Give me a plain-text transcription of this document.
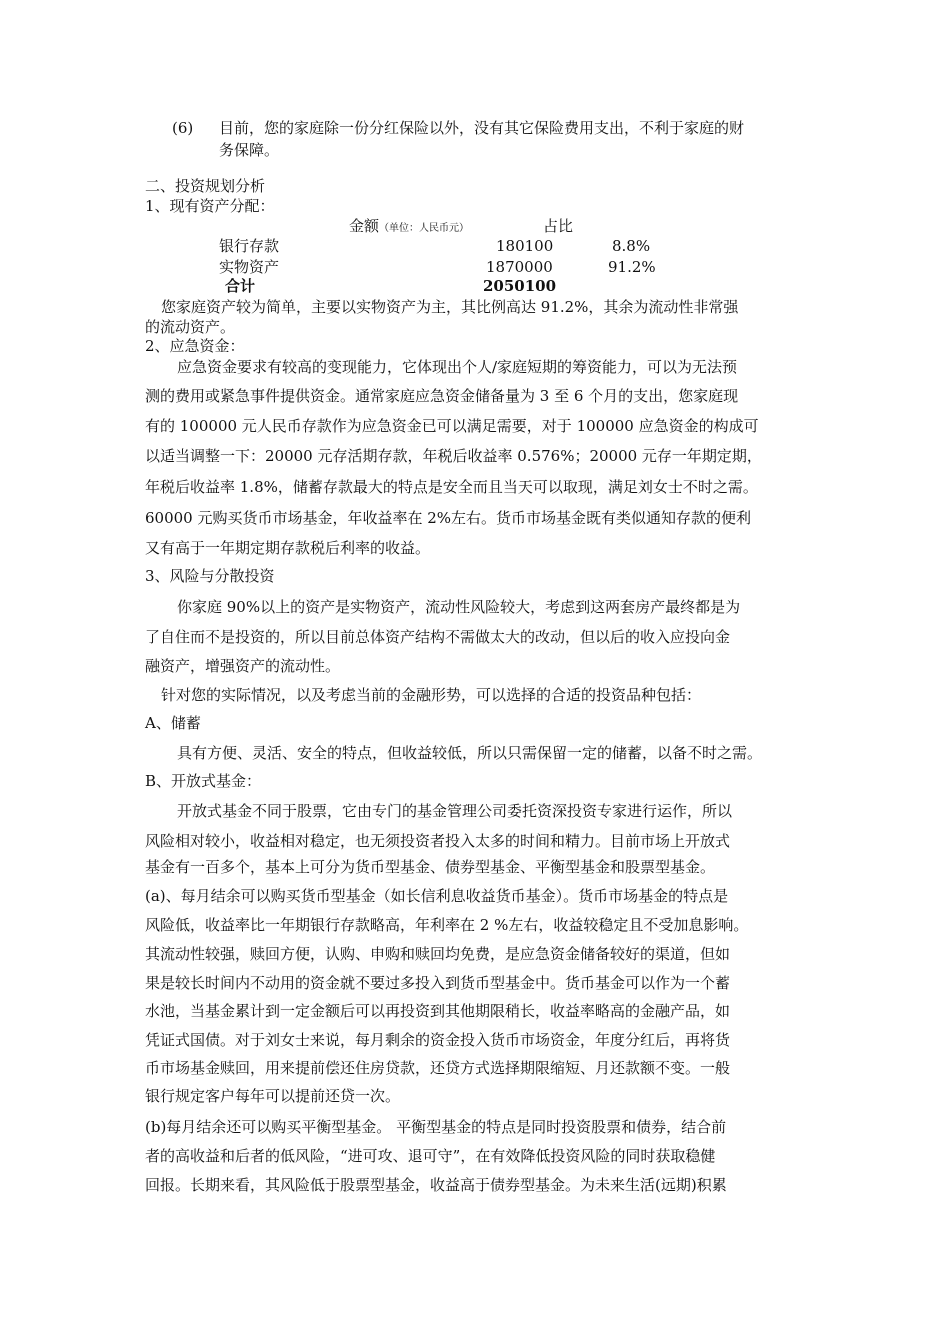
(6) 目前，您的家庭除一份分红保险以外，没有其它保险费用支出，不利于家庭的财
务保障。
二、投资规划分析
1、现有资产分配：
金额（单位：人民币元）	占比
银行存款	180100	8.8%
实物资产	1870000	91.2%
合计	2050100
您家庭资产较为简单，主要以实物资产为主，其比例高达 91.2%，其余为流动性非常强
的流动资产。
2、应急资金：
应急资金要求有较高的变现能力，它体现出个人/家庭短期的筹资能力，可以为无法预
测的费用或紧急事件提供资金。通常家庭应急资金储备量为 3 至 6 个月的支出，您家庭现
有的 100000 元人民币存款作为应急资金已可以满足需要，对于 100000 应急资金的构成可
以适当调整一下：20000 元存活期存款，年税后收益率 0.576%；20000 元存一年期定期，
年税后收益率 1.8%，储蓄存款最大的特点是安全而且当天可以取现，满足刘女士不时之需。
60000 元购买货币市场基金，年收益率在 2%左右。货币市场基金既有类似通知存款的便利
又有高于一年期定期存款税后利率的收益。
3、风险与分散投资
你家庭 90%以上的资产是实物资产，流动性风险较大，考虑到这两套房产最终都是为
了自住而不是投资的，所以目前总体资产结构不需做太大的改动，但以后的收入应投向金
融资产，增强资产的流动性。
针对您的实际情况，以及考虑当前的金融形势，可以选择的合适的投资品种包括：
A、储蓄
具有方便、灵活、安全的特点，但收益较低，所以只需保留一定的储蓄，以备不时之需。
B、开放式基金：
开放式基金不同于股票，它由专门的基金管理公司委托资深投资专家进行运作，所以
风险相对较小，收益相对稳定，也无须投资者投入太多的时间和精力。目前市场上开放式
基金有一百多个，基本上可分为货币型基金、债券型基金、平衡型基金和股票型基金。
(a)、每月结余可以购买货币型基金（如长信利息收益货币基金）。货币市场基金的特点是
风险低，收益率比一年期银行存款略高，年利率在 2 %左右，收益较稳定且不受加息影响。
其流动性较强，赎回方便，认购、申购和赎回均免费，是应急资金储备较好的渠道，但如
果是较长时间内不动用的资金就不要过多投入到货币型基金中。货币基金可以作为一个蓄
水池，当基金累计到一定金额后可以再投资到其他期限稍长，收益率略高的金融产品，如
凭证式国债。对于刘女士来说，每月剩余的资金投入货币市场资金，年度分红后，再将货
币市场基金赎回，用来提前偿还住房贷款，还贷方式选择期限缩短、月还款额不变。一般
银行规定客户每年可以提前还贷一次。
(b)每月结余还可以购买平衡型基金。 平衡型基金的特点是同时投资股票和债券，结合前
者的高收益和后者的低风险，“进可攻、退可守”，在有效降低投资风险的同时获取稳健
回报。长期来看，其风险低于股票型基金，收益高于债券型基金。为未来生活(远期)积累
